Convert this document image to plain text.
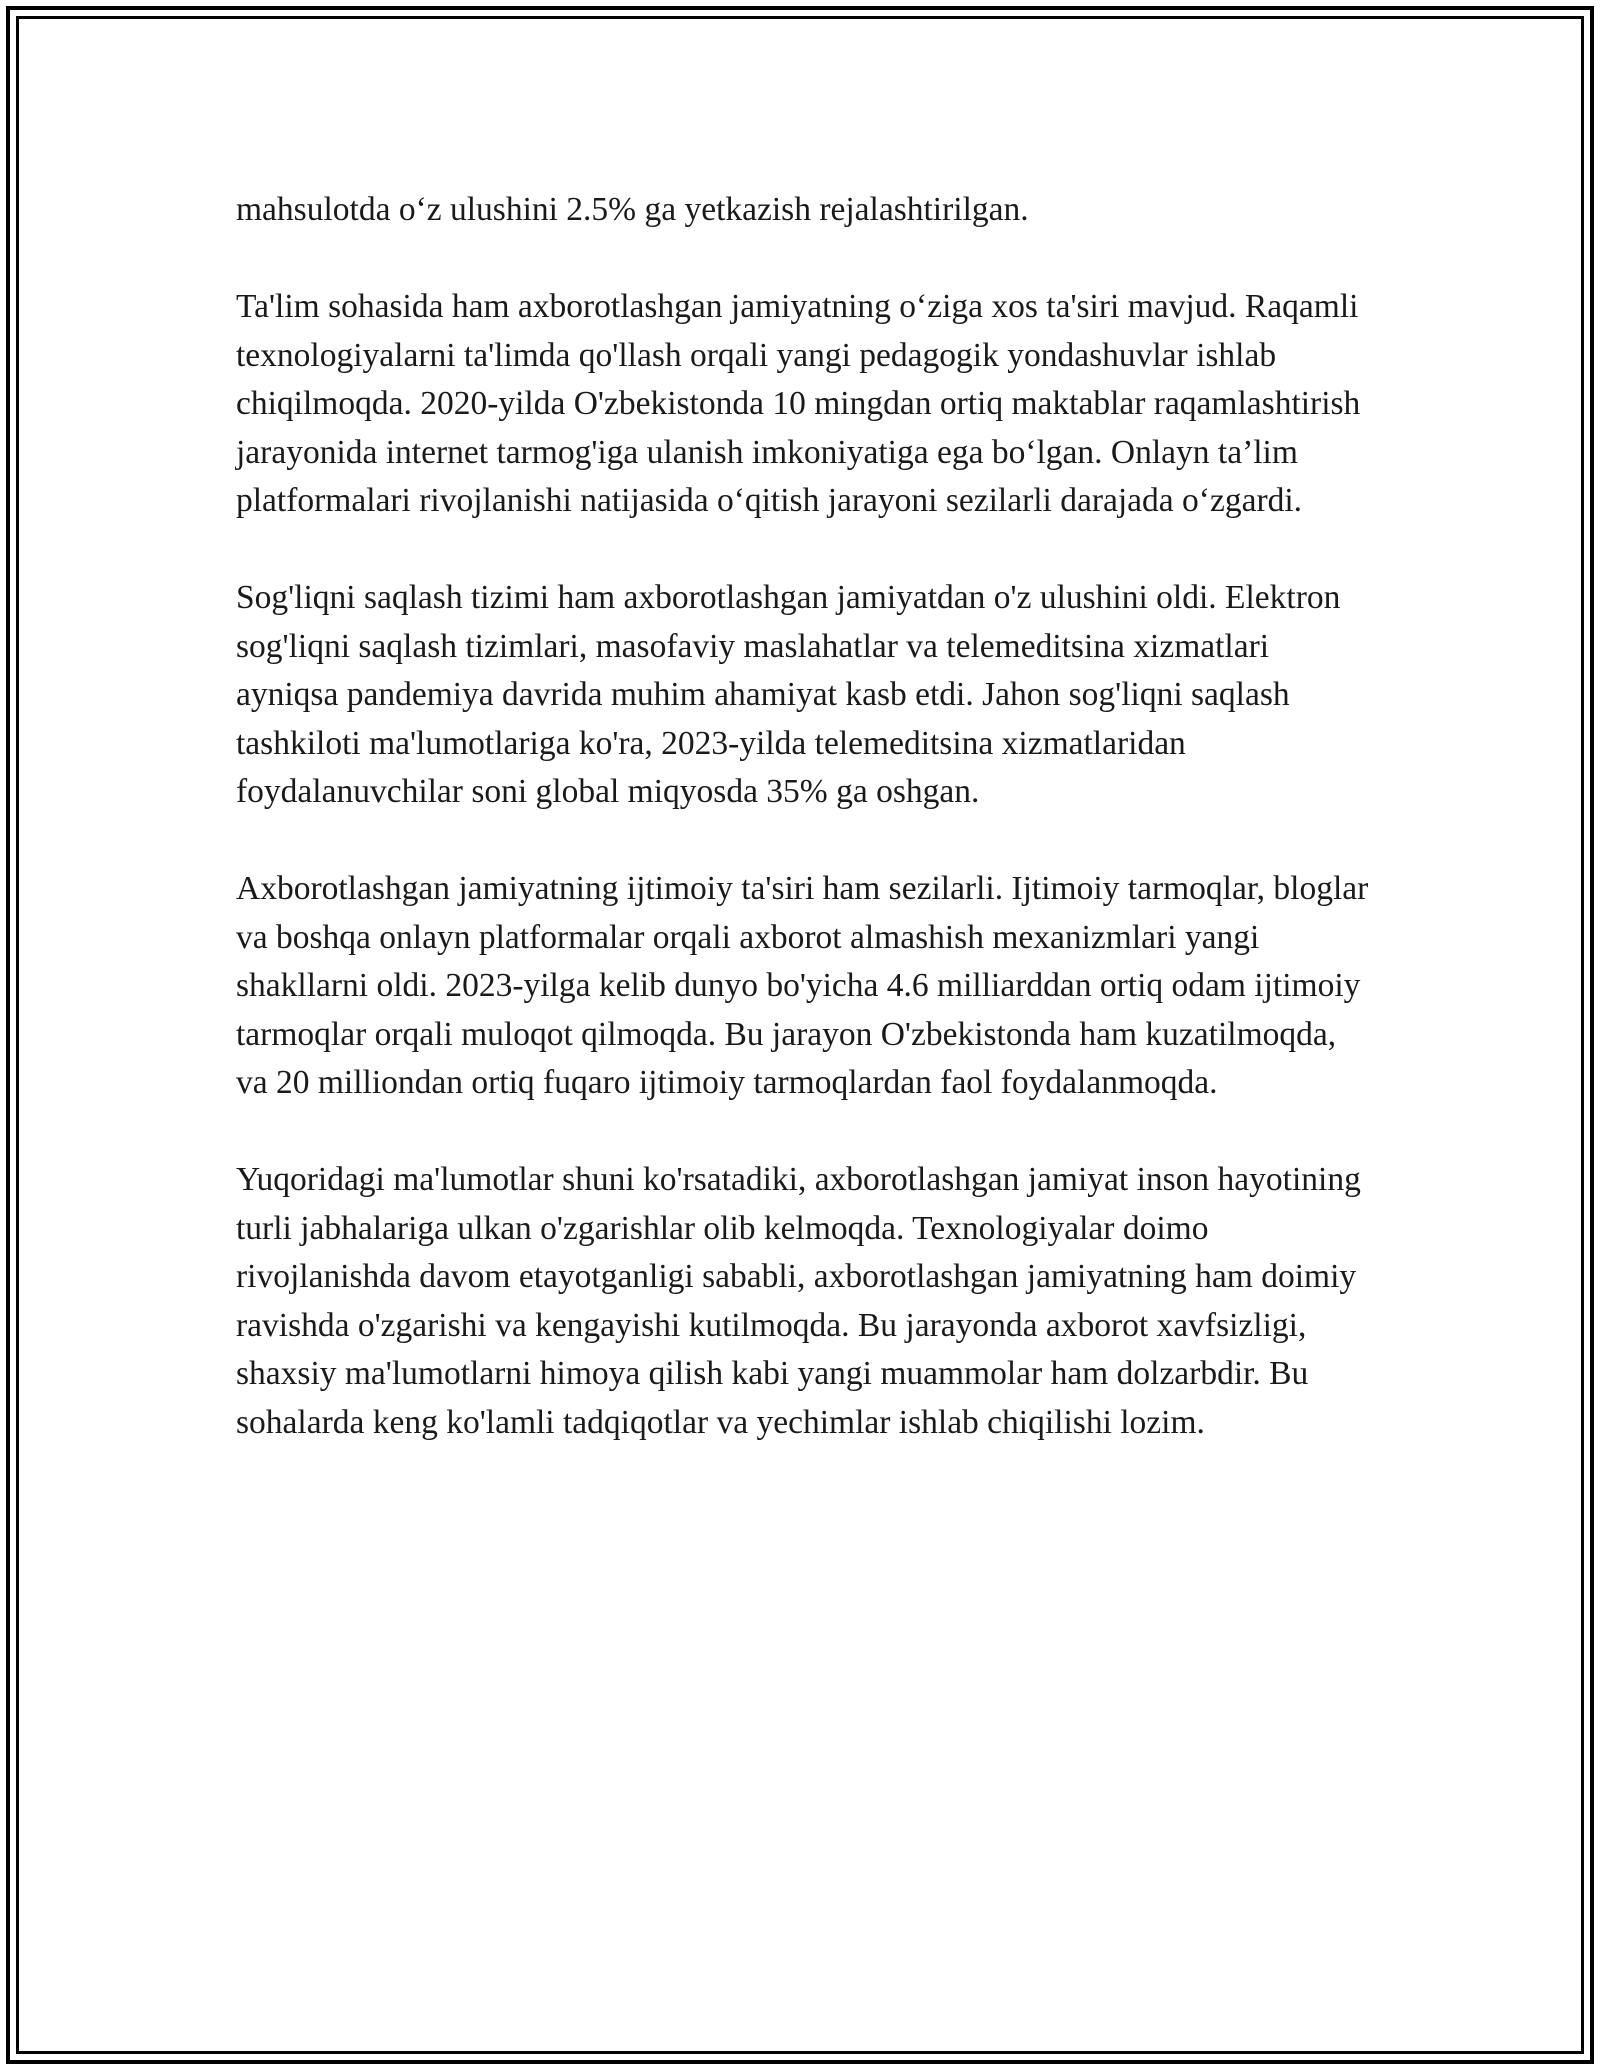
mahsulotda o‘z ulushini 2.5% ga yetkazish rejalashtirilgan.

Ta'lim sohasida ham axborotlashgan jamiyatning o‘ziga xos ta'siri mavjud. Raqamli texnologiyalarni ta'limda qo'llash orqali yangi pedagogik yondashuvlar ishlab chiqilmoqda. 2020-yilda O'zbekistonda 10 mingdan ortiq maktablar raqamlashtirish jarayonida internet tarmog'iga ulanish imkoniyatiga ega bo‘lgan. Onlayn ta’lim platformalari rivojlanishi natijasida o‘qitish jarayoni sezilarli darajada o‘zgardi.

Sog'liqni saqlash tizimi ham axborotlashgan jamiyatdan o'z ulushini oldi. Elektron sog'liqni saqlash tizimlari, masofaviy maslahatlar va telemeditsina xizmatlari ayniqsa pandemiya davrida muhim ahamiyat kasb etdi. Jahon sog'liqni saqlash tashkiloti ma'lumotlariga ko'ra, 2023-yilda telemeditsina xizmatlaridan foydalanuvchilar soni global miqyosda 35% ga oshgan.

Axborotlashgan jamiyatning ijtimoiy ta'siri ham sezilarli. Ijtimoiy tarmoqlar, bloglar va boshqa onlayn platformalar orqali axborot almashish mexanizmlari yangi shakllarni oldi. 2023-yilga kelib dunyo bo'yicha 4.6 milliarddan ortiq odam ijtimoiy tarmoqlar orqali muloqot qilmoqda. Bu jarayon O'zbekistonda ham kuzatilmoqda, va 20 milliondan ortiq fuqaro ijtimoiy tarmoqlardan faol foydalanmoqda.

Yuqoridagi ma'lumotlar shuni ko'rsatadiki, axborotlashgan jamiyat inson hayotining turli jabhalariga ulkan o'zgarishlar olib kelmoqda. Texnologiyalar doimo rivojlanishda davom etayotganligi sababli, axborotlashgan jamiyatning ham doimiy ravishda o'zgarishi va kengayishi kutilmoqda. Bu jarayonda axborot xavfsizligi, shaxsiy ma'lumotlarni himoya qilish kabi yangi muammolar ham dolzarbdir. Bu sohalarda keng ko'lamli tadqiqotlar va yechimlar ishlab chiqilishi lozim.
